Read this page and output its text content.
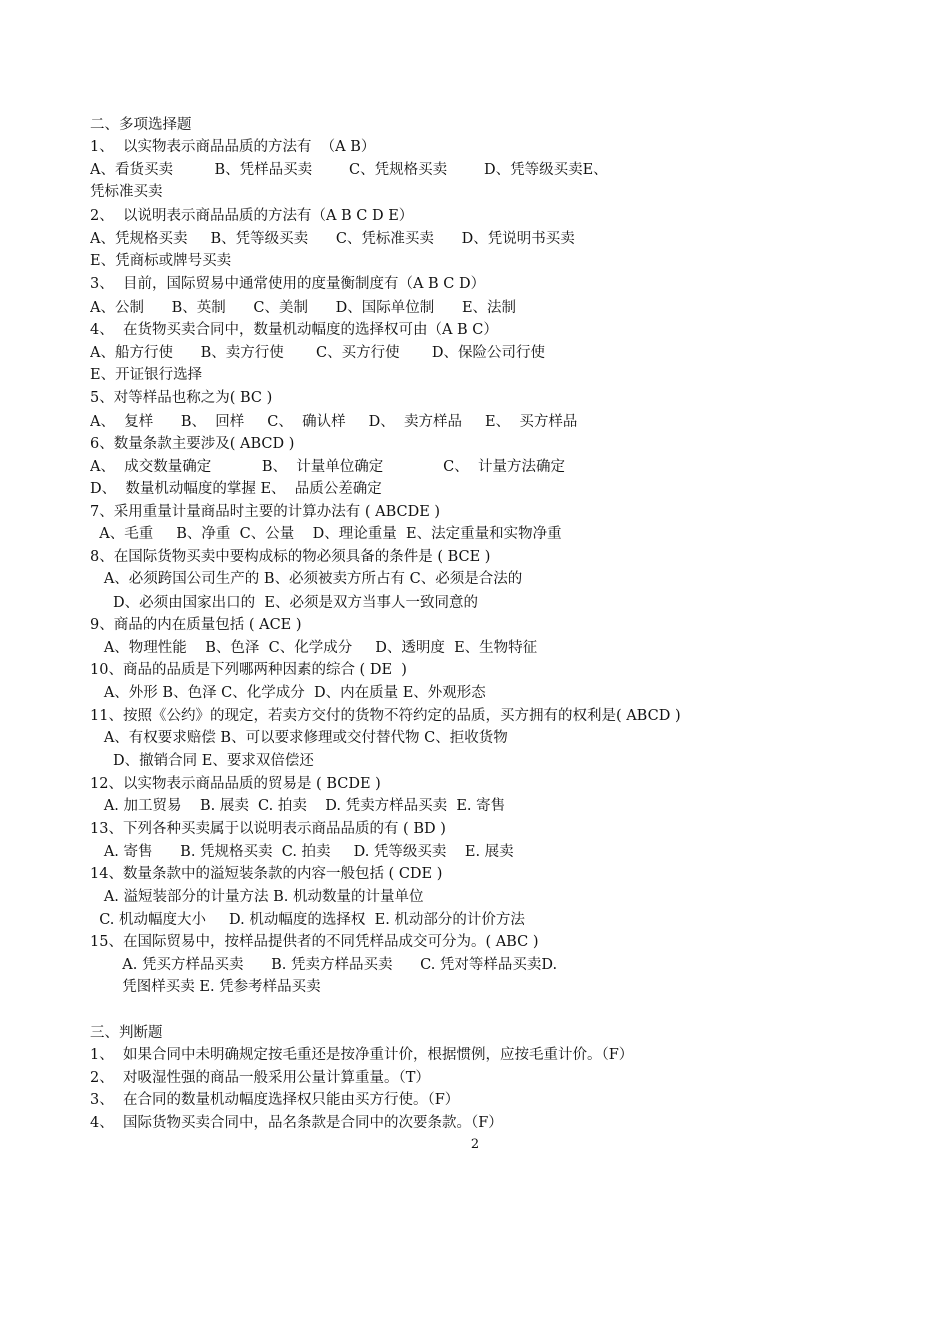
二、多项选择题
1、  以实物表示商品品质的方法有  （A B）
A、看货买卖         B、凭样品买卖        C、凭规格买卖        D、凭等级买卖E、
凭标准买卖
2、  以说明表示商品品质的方法有（A B C D E）
A、凭规格买卖     B、凭等级买卖      C、凭标准买卖      D、凭说明书买卖
E、凭商标或牌号买卖
3、  目前，国际贸易中通常使用的度量衡制度有（A B C D）
A、公制      B、英制      C、美制      D、国际单位制      E、法制
4、  在货物买卖合同中，数量机动幅度的选择权可由（A B C）
A、船方行使      B、卖方行使       C、买方行使       D、保险公司行使
E、开证银行选择
5、对等样品也称之为( BC )
A、  复样      B、  回样     C、  确认样     D、  卖方样品     E、  买方样品
6、数量条款主要涉及( ABCD )
A、  成交数量确定           B、  计量单位确定             C、  计量方法确定
D、  数量机动幅度的掌握 E、  品质公差确定
7、采用重量计量商品时主要的计算办法有 ( ABCDE )
A、毛重     B、净重  C、公量    D、理论重量  E、法定重量和实物净重
8、在国际货物买卖中要构成标的物必须具备的条件是 ( BCE )
A、必须跨国公司生产的 B、必须被卖方所占有 C、必须是合法的
D、必须由国家出口的  E、必须是双方当事人一致同意的
9、商品的内在质量包括 ( ACE )
A、物理性能    B、色泽  C、化学成分     D、透明度  E、生物特征
10、商品的品质是下列哪两种因素的综合 ( DE  )
A、外形 B、色泽 C、化学成分  D、内在质量 E、外观形态
11、按照《公约》的现定，若卖方交付的货物不符约定的品质，买方拥有的权利是( ABCD )
A、有权要求赔偿 B、可以要求修理或交付替代物 C、拒收货物
D、撤销合同 E、要求双倍偿还
12、以实物表示商品品质的贸易是 ( BCDE )
A. 加工贸易    B. 展卖  C. 拍卖    D. 凭卖方样品买卖  E. 寄售
13、下列各种买卖属于以说明表示商品品质的有 ( BD )
A. 寄售      B. 凭规格买卖  C. 拍卖     D. 凭等级买卖    E. 展卖
14、数量条款中的溢短装条款的内容一般包括 ( CDE )
A. 溢短装部分的计量方法 B. 机动数量的计量单位
C. 机动幅度大小     D. 机动幅度的选择权  E. 机动部分的计价方法
15、在国际贸易中，按样品提供者的不同凭样品成交可分为。( ABC )
A. 凭买方样品买卖      B. 凭卖方样品买卖      C. 凭对等样品买卖D.
凭图样买卖 E. 凭参考样品买卖
三、判断题
1、  如果合同中未明确规定按毛重还是按净重计价，根据惯例，应按毛重计价。（F）
2、  对吸湿性强的商品一般采用公量计算重量。（T）
3、  在合同的数量机动幅度选择权只能由买方行使。（F）
4、  国际货物买卖合同中，品名条款是合同中的次要条款。（F）
2
